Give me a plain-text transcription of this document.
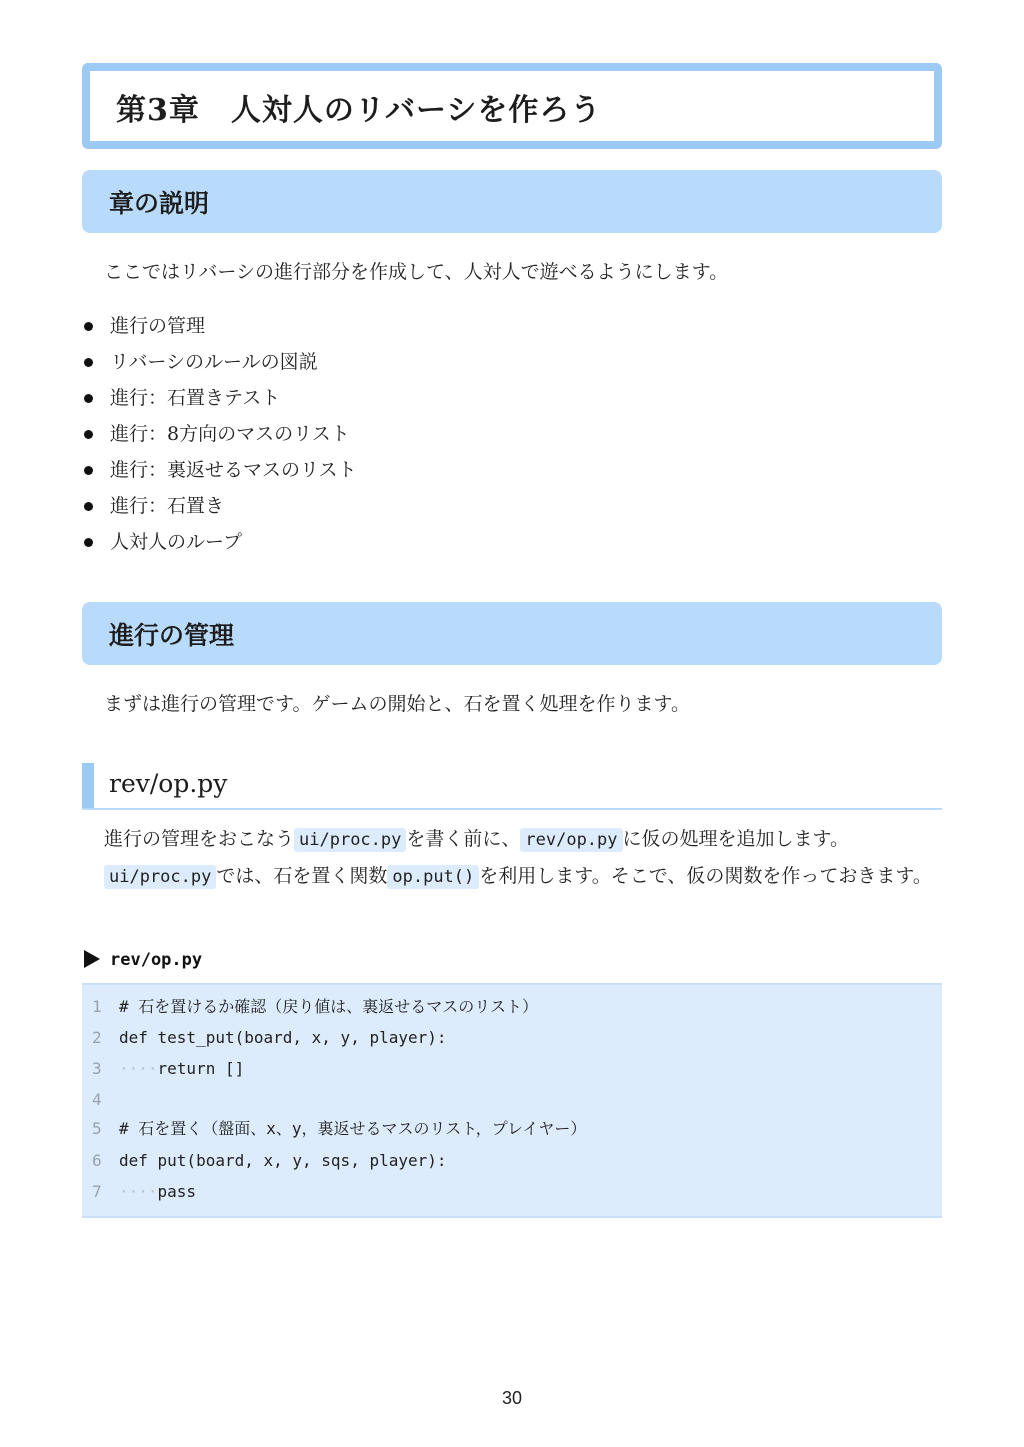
第3章　人対人のリバーシを作ろう
章の説明

ここではリバーシの進行部分を作成して、人対人で遊べるようにします。

進行の管理
リバーシのルールの図説
進行：石置きテスト
進行：8方向のマスのリスト
進行：裏返せるマスのリスト
進行：石置き
人対人のループ
進行の管理

まずは進行の管理です。ゲームの開始と、石を置く処理を作ります。

rev/op.py

進行の管理をおこなう ui/proc.py を書く前に、 rev/op.py に仮の処理を追加します。

ui/proc.py では、石を置く関数 op.put() を利用します。そこで、仮の関数を作っておきます。

rev/op.py
1	# 石を置けるか確認（戻り値は、裏返せるマスのリスト）
2	def test_put(board, x, y, player):
3	····return []
4
5	# 石を置く（盤面、x、y，裏返せるマスのリスト，プレイヤー）
6	def put(board, x, y, sqs, player):
7	····pass
30
